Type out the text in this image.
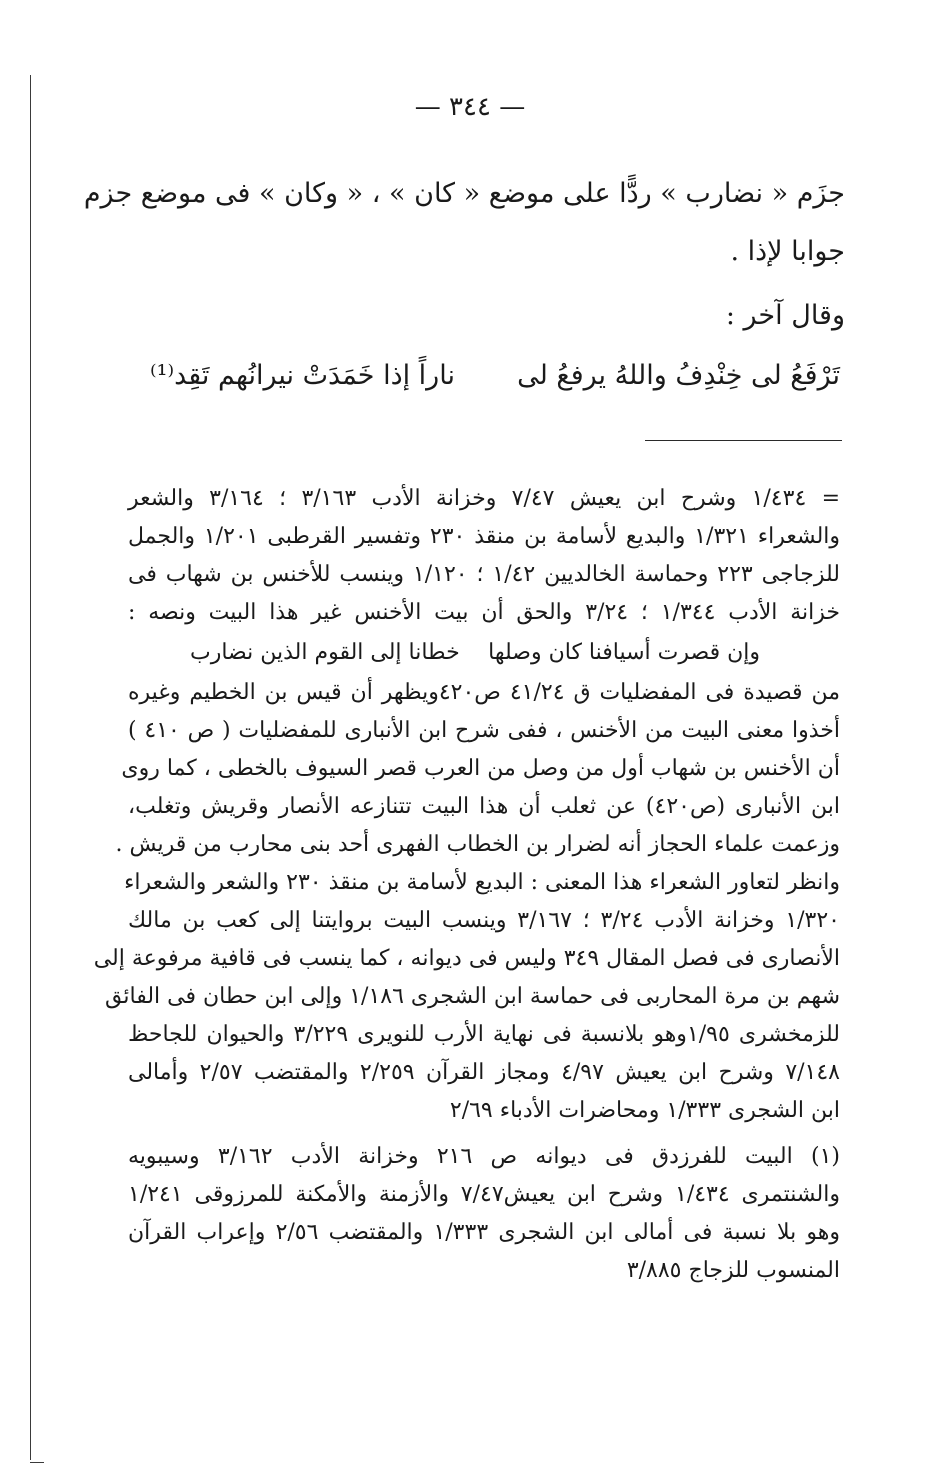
— ٣٤٤ —
جزَم « نضارب » ردًّا على موضع « كان » ، « وكان » فى موضع جزم
جوابا لإذا .
وقال آخر :
تَرْفَعُ لى خِنْدِفُ واللهُ يرفعُ لى
ناراً إذا خَمَدَتْ نيرانُهم تَقِد⁽¹⁾
= ١/٤٣٤ وشرح ابن يعيش ٧/٤٧ وخزانة الأدب ٣/١٦٣ ؛ ٣/١٦٤ والشعر
والشعراء ١/٣٢١ والبديع لأسامة بن منقذ ٢٣٠ وتفسير القرطبى ١/٢٠١ والجمل
للزجاجى ٢٢٣ وحماسة الخالديين ١/٤٢ ؛ ١/١٢٠ وينسب للأخنس بن شهاب فى
خزانة الأدب ١/٣٤٤ ؛ ٣/٢٤ والحق أن بيت الأخنس غير هذا البيت ونصه :
وإن قصرت أسيافنا كان وصلها
خطانا إلى القوم الذين نضارب
من قصيدة فى المفضليات ق ٤١/٢٤ ص٤٢٠ويظهر أن قيس بن الخطيم وغيره
أخذوا معنى البيت من الأخنس ، ففى شرح ابن الأنبارى للمفضليات ( ص ٤١٠ )
أن الأخنس بن شهاب أول من وصل من العرب قصر السيوف بالخطى ، كما روى
ابن الأنبارى (ص٤٢٠) عن ثعلب أن هذا البيت تتنازعه الأنصار وقريش وتغلب،
وزعمت علماء الحجاز أنه لضرار بن الخطاب الفهرى أحد بنى محارب من قريش .
وانظر لتعاور الشعراء هذا المعنى : البديع لأسامة بن منقذ ٢٣٠ والشعر والشعراء
١/٣٢٠ وخزانة الأدب ٣/٢٤ ؛ ٣/١٦٧ وينسب البيت بروايتنا إلى كعب بن مالك
الأنصارى فى فصل المقال ٣٤٩ وليس فى ديوانه ، كما ينسب فى قافية مرفوعة إلى
شهم بن مرة المحاربى فى حماسة ابن الشجرى ١/١٨٦ وإلى ابن حطان فى الفائق
للزمخشرى ١/٩٥وهو بلانسبة فى نهاية الأرب للنويرى ٣/٢٢٩ والحيوان للجاحظ
٧/١٤٨ وشرح ابن يعيش ٤/٩٧ ومجاز القرآن ٢/٢٥٩ والمقتضب ٢/٥٧ وأمالى
ابن الشجرى ١/٣٣٣ ومحاضرات الأدباء ٢/٦٩
(١) البيت للفرزدق فى ديوانه ص ٢١٦ وخزانة الأدب ٣/١٦٢ وسيبويه
والشنتمرى ١/٤٣٤ وشرح ابن يعيش٧/٤٧ والأزمنة والأمكنة للمرزوقى ١/٢٤١
وهو بلا نسبة فى أمالى ابن الشجرى ١/٣٣٣ والمقتضب ٢/٥٦ وإعراب القرآن
المنسوب للزجاج ٣/٨٨٥
